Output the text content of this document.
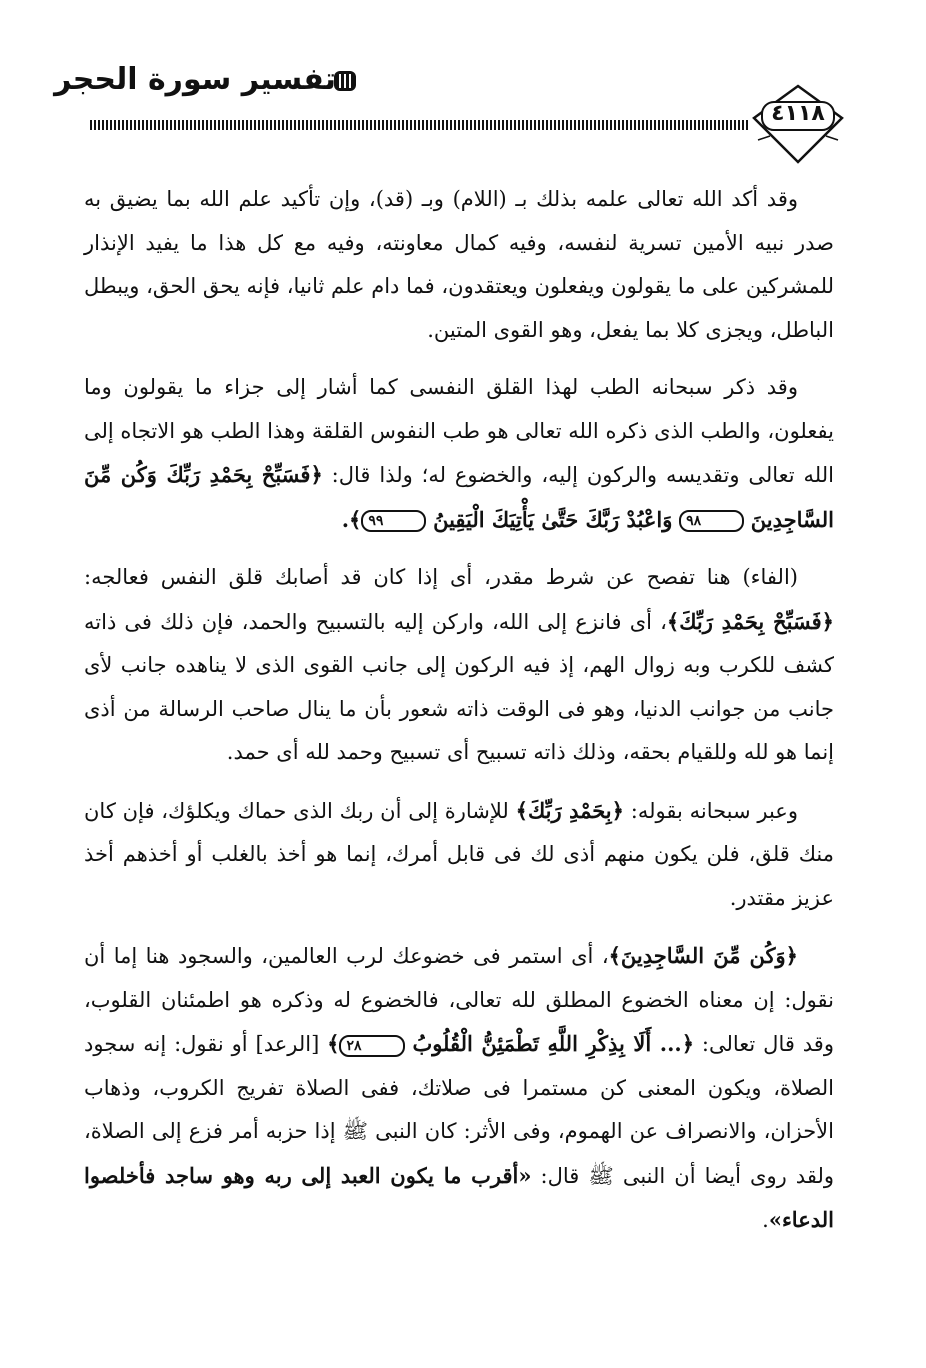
تفسير سورة الحجر
٤١١٨

وقد أكد الله تعالى علمه بذلك بـ (اللام) وبـ (قد)، وإن تأكيد علم الله بما يضيق به صدر نبيه الأمين تسرية لنفسه، وفيه كمال معاونته، وفيه مع كل هذا ما يفيد الإنذار للمشركين على ما يقولون ويفعلون ويعتقدون، فما دام علم ثانيا، فإنه يحق الحق، ويبطل الباطل، ويجزى كلا بما يفعل، وهو القوى المتين.

وقد ذكر سبحانه الطب لهذا القلق النفسى كما أشار إلى جزاء ما يقولون وما يفعلون، والطب الذى ذكره الله تعالى هو طب النفوس القلقة وهذا الطب هو الاتجاه إلى الله تعالى وتقديسه والركون إليه، والخضوع له؛ ولذا قال: ﴿فَسَبِّحْ بِحَمْدِ رَبِّكَ وَكُن مِّنَ السَّاجِدِينَ ٩٨ وَاعْبُدْ رَبَّكَ حَتَّىٰ يَأْتِيَكَ الْيَقِينُ ٩٩﴾.

(الفاء) هنا تفصح عن شرط مقدر، أى إذا كان قد أصابك قلق النفس فعالجه: ﴿فَسَبِّحْ بِحَمْدِ رَبِّكَ﴾، أى فانزع إلى الله، واركن إليه بالتسبيح والحمد، فإن ذلك فى ذاته كشف للكرب وبه زوال الهم، إذ فيه الركون إلى جانب القوى الذى لا يناهده جانب لأى جانب من جوانب الدنيا، وهو فى الوقت ذاته شعور بأن ما ينال صاحب الرسالة من أذى إنما هو لله وللقيام بحقه، وذلك ذاته تسبيح أى تسبيح وحمد لله أى حمد.

وعبر سبحانه بقوله: ﴿بِحَمْدِ رَبِّكَ﴾ للإشارة إلى أن ربك الذى حماك ويكلؤك، فإن كان منك قلق، فلن يكون منهم أذى لك فى قابل أمرك، إنما هو أخذ بالغلب أو أخذهم أخذ عزيز مقتدر.

﴿وَكُن مِّنَ السَّاجِدِينَ﴾، أى استمر فى خضوعك لرب العالمين، والسجود هنا إما أن نقول: إن معناه الخضوع المطلق لله تعالى، فالخضوع له وذكره هو اطمئنان القلوب، وقد قال تعالى: ﴿... أَلَا بِذِكْرِ اللَّهِ تَطْمَئِنُّ الْقُلُوبُ ٢٨﴾ [الرعد] أو نقول: إنه سجود الصلاة، ويكون المعنى كن مستمرا فى صلاتك، ففى الصلاة تفريج الكروب، وذهاب الأحزان، والانصراف عن الهموم، وفى الأثر: كان النبى ﷺ إذا حزبه أمر فزع إلى الصلاة، ولقد روى أيضا أن النبى ﷺ قال: «أقرب ما يكون العبد إلى ربه وهو ساجد فأخلصوا الدعاء».
